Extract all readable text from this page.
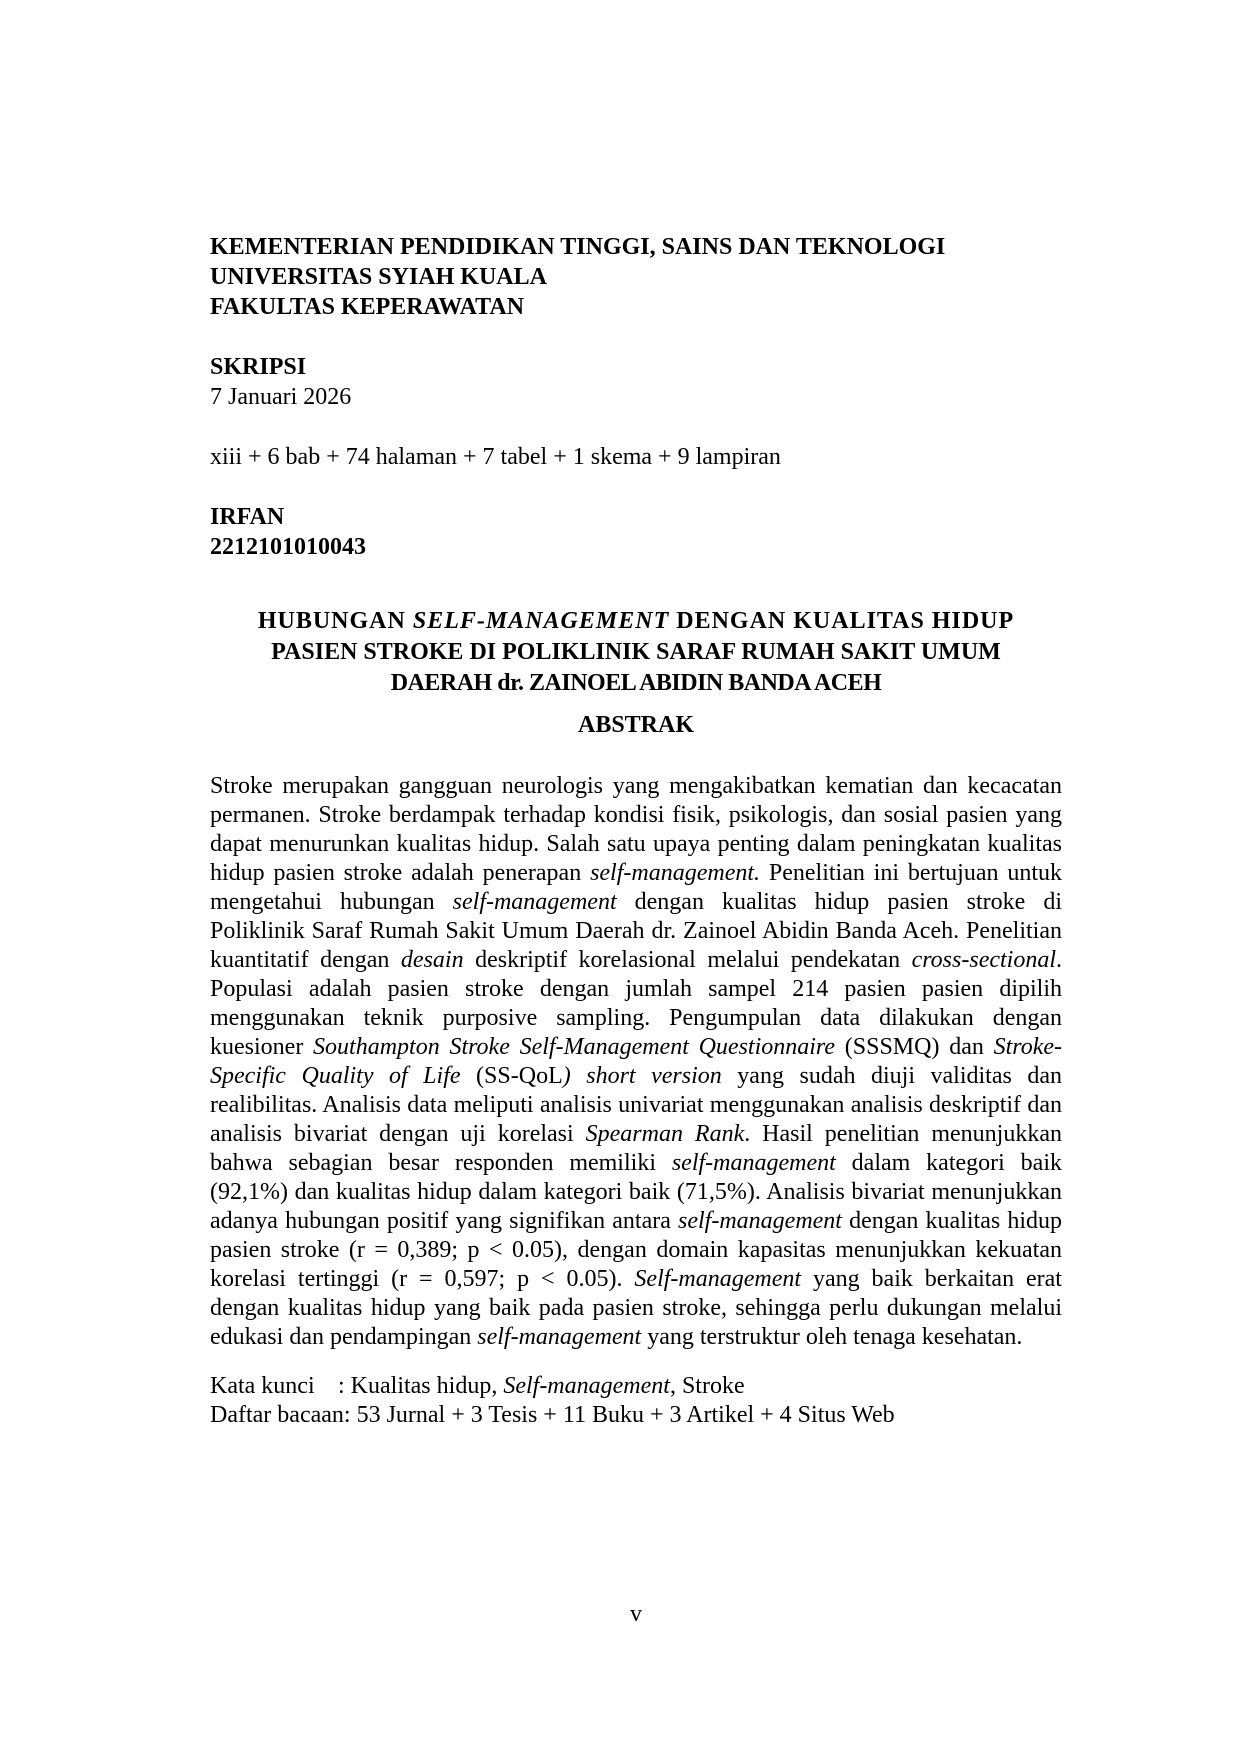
KEMENTERIAN PENDIDIKAN TINGGI, SAINS DAN TEKNOLOGI
UNIVERSITAS SYIAH KUALA
FAKULTAS KEPERAWATAN
SKRIPSI
7 Januari 2026
xiii + 6 bab + 74 halaman + 7 tabel + 1 skema + 9 lampiran
IRFAN
2212101010043
HUBUNGAN SELF-MANAGEMENT DENGAN KUALITAS HIDUP
PASIEN STROKE DI POLIKLINIK SARAF RUMAH SAKIT UMUM
DAERAH dr. ZAINOEL ABIDIN BANDA ACEH
ABSTRAK

Stroke merupakan gangguan neurologis yang mengakibatkan kematian dan kecacatan permanen. Stroke berdampak terhadap kondisi fisik, psikologis, dan sosial pasien yang dapat menurunkan kualitas hidup. Salah satu upaya penting dalam peningkatan kualitas hidup pasien stroke adalah penerapan self-management. Penelitian ini bertujuan untuk mengetahui hubungan self-management dengan kualitas hidup pasien stroke di Poliklinik Saraf Rumah Sakit Umum Daerah dr. Zainoel Abidin Banda Aceh. Penelitian kuantitatif dengan desain deskriptif korelasional melalui pendekatan cross-sectional. Populasi adalah pasien stroke dengan jumlah sampel 214 pasien pasien dipilih menggunakan teknik purposive sampling. Pengumpulan data dilakukan dengan kuesioner Southampton Stroke Self-Management Questionnaire (SSSMQ) dan Stroke-Specific Quality of Life (SS-QoL) short version yang sudah diuji validitas dan realibilitas. Analisis data meliputi analisis univariat menggunakan analisis deskriptif dan analisis bivariat dengan uji korelasi Spearman Rank. Hasil penelitian menunjukkan bahwa sebagian besar responden memiliki self-management dalam kategori baik (92,1%) dan kualitas hidup dalam kategori baik (71,5%). Analisis bivariat menunjukkan adanya hubungan positif yang signifikan antara self-management dengan kualitas hidup pasien stroke (r = 0,389; p < 0.05), dengan domain kapasitas menunjukkan kekuatan korelasi tertinggi (r = 0,597; p < 0.05). Self-management yang baik berkaitan erat dengan kualitas hidup yang baik pada pasien stroke, sehingga perlu dukungan melalui edukasi dan pendampingan self-management yang terstruktur oleh tenaga kesehatan.

Kata kunci : Kualitas hidup, Self-management, Stroke
Daftar bacaan: 53 Jurnal + 3 Tesis + 11 Buku + 3 Artikel + 4 Situs Web
v
